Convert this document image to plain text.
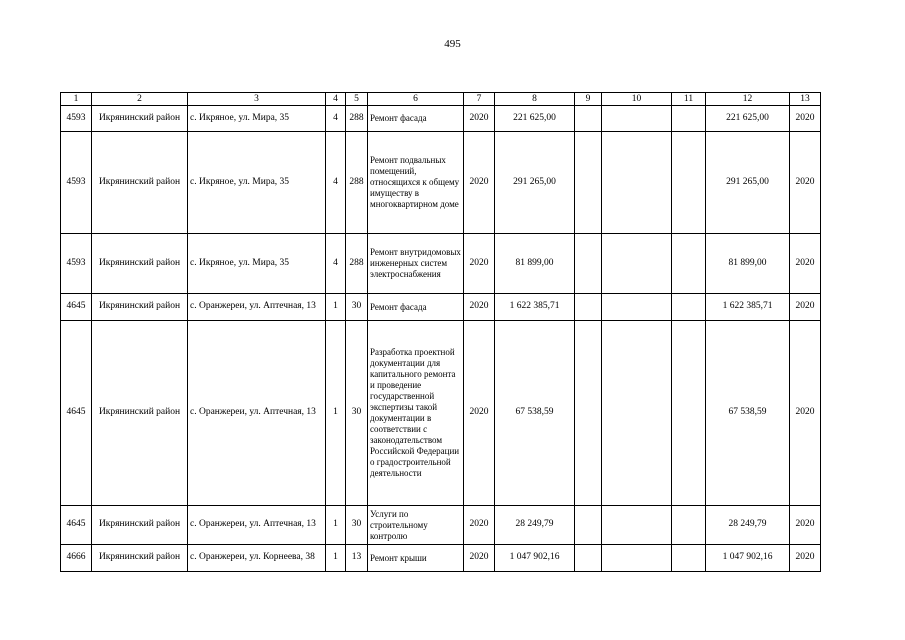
495
1	2	3	4	5	6	7	8	9	10	11	12	13
4593	Икрянинский район	с. Икряное, ул. Мира, 35	4	288	Ремонт фасада	2020	221 625,00				221 625,00	2020
4593	Икрянинский район	с. Икряное, ул. Мира, 35	4	288	Ремонт подвальных помещений, относящихся к общему имуществу в многоквартирном доме	2020	291 265,00				291 265,00	2020
4593	Икрянинский район	с. Икряное, ул. Мира, 35	4	288	Ремонт внутридомовых инженерных систем электроснабжения	2020	81 899,00				81 899,00	2020
4645	Икрянинский район	с. Оранжереи, ул. Аптечная, 13	1	30	Ремонт фасада	2020	1 622 385,71				1 622 385,71	2020
4645	Икрянинский район	с. Оранжереи, ул. Аптечная, 13	1	30	Разработка проектной документации для капитального ремонта и проведение государственной экспертизы такой документации в соответствии с законодательством Российской Федерации о градостроительной деятельности	2020	67 538,59				67 538,59	2020
4645	Икрянинский район	с. Оранжереи, ул. Аптечная, 13	1	30	Услуги по строительному контролю	2020	28 249,79				28 249,79	2020
4666	Икрянинский район	с. Оранжереи, ул. Корнеева, 38	1	13	Ремонт крыши	2020	1 047 902,16				1 047 902,16	2020
